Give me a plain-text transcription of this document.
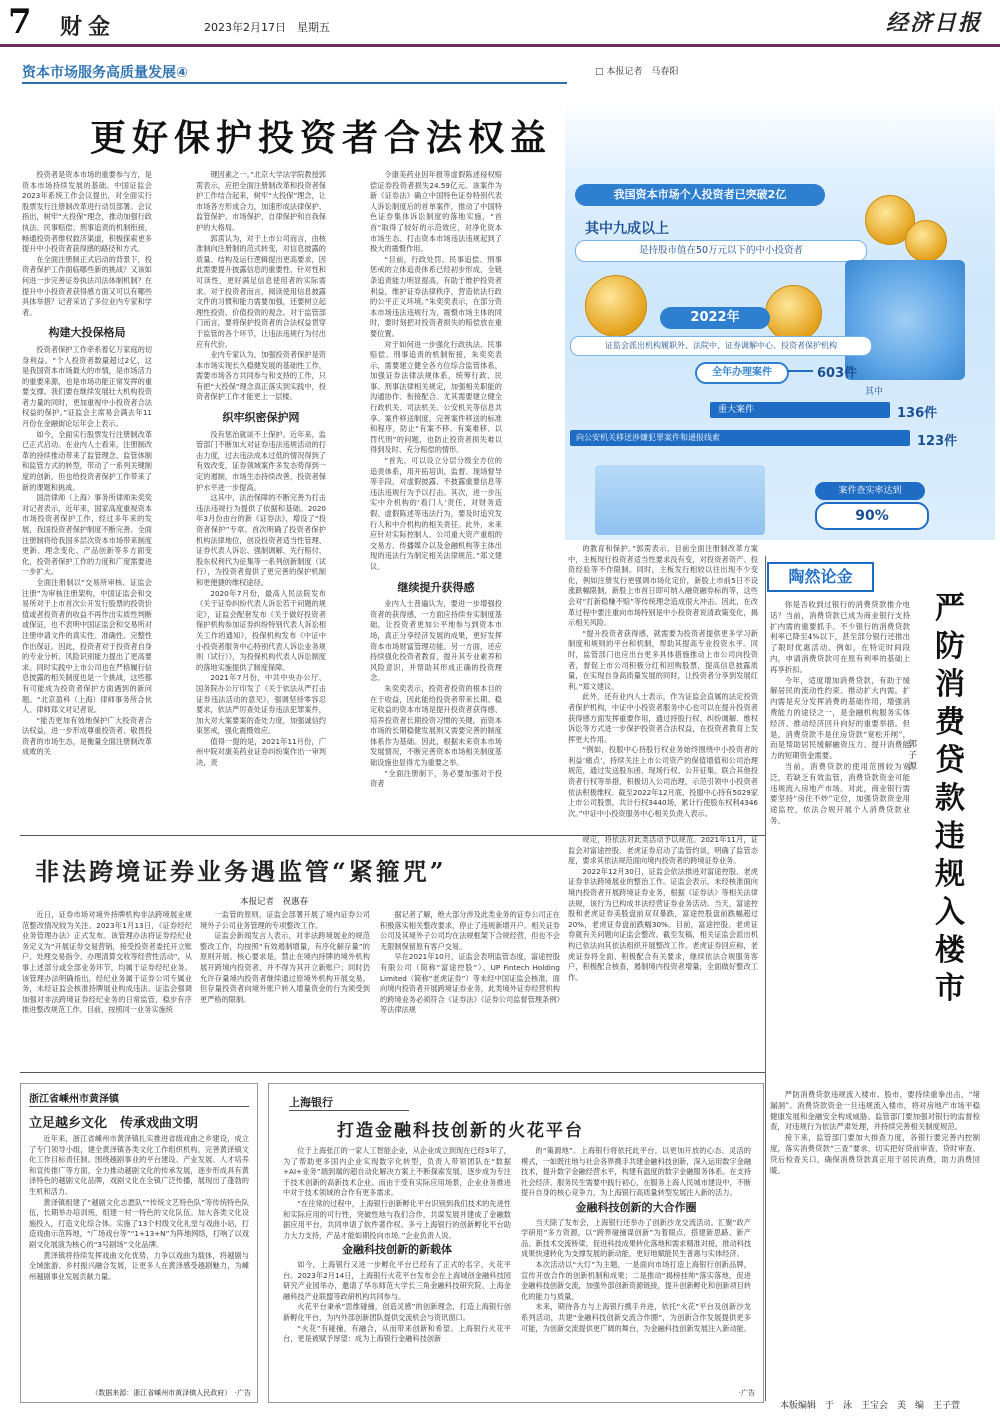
7 财金	2023年2月17日　星期五	经济日报
资本市场服务高质量发展④	□ 本报记者　马春阳
更好保护投资者合法权益
我国资本市场个人投资者已突破2亿
其中九成以上
是持股市值在50万元以下的中小投资者
2022年
证监会派出机构履职外、法院中、证券调解中心、投资者保护机构
全年办理案件	603件
其中
重大案件	136件
向公安机关移送涉嫌犯罪案件和通报线索	123件
案件查实率达到
90%

投资者是资本市场的重要参与方，是资本市场持续发展的基础。中国证监会2023年系统工作会议提出，对全面实行股票发行注册制改革进行动员部署。会议指出，树牢“大投保”理念，推动加强行政执法、民事赔偿、刑事追责的机制衔接，畅通投资者维权救济渠道，积极探索更多提升中小投资者获得感的路径和方式。

在全面注册制正式启动的背景下，投资者保护工作面临哪些新的挑战？又该如何进一步完善证券执法司法体制机制？在提升中小投资者获得感方面又可以有哪些具体举措？记者采访了多位业内专家和学者。

构建大投保格局

投资者保护工作牵系着亿万家庭的切身利益。“个人投资者数量超过2亿，这是我国资本市场最大的市情，是市场活力的重要来源，也是市场功能正常发挥的重要支撑。我们要在继续发展壮大机构投资者力量的同时，更加重视中小投资者合法权益的保护。”证监会主席易会满去年11月份在金融街论坛年会上表示。

如今，全面实行股票发行注册制改革已正式启动。在业内人士看来，注册制改革的持续推动带来了监管理念、监管体制和监管方式的转型，带动了一系列关键制度的创新，但也给投资者保护工作带来了新的课题和挑战。

国浩律师（上海）事务所律师朱奕奕对记者表示，近年来，国家高度重视资本市场投资者保护工作，经过多年来的发展，我国投资者保护制度不断完善。全面注册制将给我国多层次资本市场带来制度更新、理念变化、产品创新等多方面变化，投资者保护工作的力度和广度需要进一步扩大。

全面注册制以“交易所审核、证监会注册”为审核注册架构，中国证监会和交易所对于上市首次公开发行股票的投资价值或者投资者的收益不再作出实质性判断或保证，也不表明中国证监会和交易所对注册申请文件的真实性、准确性、完整性作出保证。因此，投资者对于投资者自身的专业分析、风险识别能力提出了更高要求。同时实践中上市公司也在严格履行信息披露的相关制度也是一个挑战，这些都有可能成为投资者保护方面遇到的新问题。“北京盈科（上海）律师事务所合伙人、律师郑文对记者说。

“能否更加有效地保护广大投资者合法权益，进一步形成尊重投资者、敬畏投资者的市场生态，是衡量全面注册制改革成败的关

键因素之一。”北京大学法学院教授郭雳表示，应把全面注册制改革和投资者保护工作结合起来，树牢“大投保”理念，让市场各方形成合力，加速形成法律保护、监管保护、市场保护、自律保护和自我保护的大格局。

郭雳认为，对于上市公司而言，由核准制向注册制的范式转变，对信息披露的质量、结构及运行逻辑提出更高要求，因此需要提升披露信息的重要性、针对性和可读性，更好满足信息使用者的实际需求。对于投资者而言，阅读使用信息披露文件的习惯和能力需要加强，还要树立起理性投资、价值投资的观念。对于监管部门而言，要将保护投资者的合法权益贯穿于监管的各个环节，让违法违规行为付出应有代价。

业内专家认为，加强投资者保护是资本市场实现长久稳健发展的基础性工作，需要市场各方共同参与和支持的工作，只有把“大投保”理念真正落实到实践中，投资者保护工作才能更上一层楼。

织牢织密保护网

没有惩治就谈不上保护。近年来，监管部门不断加大对证券违法违规活动的打击力度，过去违法成本过低的情况得到了有效改变，证券领域案件多发态势得到一定的遏制，市场生态持续改善，投资者保护水平进一步提高。

这其中，法治保障的不断完善为打击违法违规行为提供了依据和基础。2020年3月份由台的新《证券法》，增设了“投资者保护”专章。首次明确了投资者保护机构法律地位，创设投资者适当性管理、证券代表人诉讼、强制调解、先行赔付、股东权利代为征集等一系列创新制度（试行），为投资者提供了更完善的保护机制和更便捷的维权途径。

2020年7月份，最高人民法院发布《关于证券纠纷代表人诉讼若干问题的规定》，证监会配套发布《关于做好投资者保护机构参加证券纠纷特别代表人诉讼相关工作的通知》，投保机构发布《中证中小投资者服务中心特别代表人诉讼业务规则（试行）》，为投保机构代表人诉讼制度的落地实施提供了制度保障。

2021年7月份，中共中央办公厅、国务院办公厅印发了《关于依法从严打击证券违法活动的意见》，强调坚持零容忍要求，依法严厉查处证券违法犯罪案件，加大对大案要案的查处力度，加强诚信约束惩戒，强化震慑效应。

值得一提的是，2021年11月份，广州中院对康美药业证券纠纷案作出一审判决，责

令康美药业因年报等虚假陈述侵权赔偿证券投资者损失24.59亿元。该案作为新《证券法》确立中国特色证券特别代表人诉讼制度后的首单案件，推动了中国特色证券集体诉讼制度的落地实施，“首首”取得了较好的示范效应，对净化资本市场生态、打击资本市场违法违规起到了极大的震慑作用。

“目前，行政处罚、民事追偿、刑事惩戒的立体追责体系已经初步形成，全链条追责能力明显提高，有助于维护投资者利益，维护证券法律秩序，营造依法行政的公平正义环境。”朱奕奕表示，在部分资本市场违法违规行为，震慑市场主体的同时，要时刻把对投资者损失的赔偿放在重要位置。

对于如何进一步强化行政执法、民事赔偿、刑事追责的机制衔接，朱奕奕表示，需要建立健全各方位综合监管体系，加强证券法律法规体系，统筹行政、民事、刑事法律相关规定，加强相关职能的沟通协作、衔接配合。尤其需要建立健全行政机关、司法机关、公安机关等信息共享、案件移送制度，完善案件移送的标准和程序，防止“有案不移、有案难移、以罚代刑”的问题，也防止投资者损失难以得到及时、充分赔偿的情形。

“首先，可以设立分层分级全方位的追责体系，用开拓培训、监督、现场督导等手段，对虚假披露、不披露重要信息等违法违规行为予以打击。其次，进一步压实中介机构的‘看门人’责任，对财务造假、虚假陈述等违法行为，要及时追究发行人和中介机构的相关责任。此外，未来应针对实际控制人、公司重大资产重组的交易方、传播媒介以及金融机构等主体出现的违法行为制定相关法律规范。”郑文建议。

继续提升获得感

业内人士普遍认为，要进一步增强投资者的获得感，一方面应持续夯实制度基础，让投资者更加公平地参与到资本市场，真正分享经济发展的成果，更好发挥资本市场财富管理功能。另一方面，还应持续强化投资者教育，提升其专业素养和风险意识，并帮助其形成正确的投资理念。

朱奕奕表示，投资者投资的根本目的在于收益，因此能给投资者带来长期、稳定收益的资本市场是提升投资者获得感、培养投资者长期投资习惯的关键。而资本市场的长期稳健发展则又需要完善的制度体系作为基础。因此，根据未来资本市场发展情况，不断完善资本市场相关制度基础设施也显得尤为重要之举。

“全面注册制下，务必要加强对于投资者

的教育和保护。”郭雳表示，目前全面注册制改革方案中，主板现行投资者适当性要求没有变，对投资者资产、投资经验等不作限制。同时，主板发行相较以往出现不少变化，例如注册发行更强调市场化定价，新股上市前5日不设涨跌幅限制，新股上市首日即可纳入融资融券标的等，这些会对“打新稳赚不赔”等传统理念造成很大冲击。因此，在改革过程中要注重向市场特别是中小投资者说清政策变化，揭示相关风险。

“提升投资者获得感，就需要为投资者提供更多学习新制度和规则的平台和机制，帮助其提高专业投资水平。同时，监管部门也应出台更多具体措施推动上市公司向投资者，督促上市公司积极分红和回购股票，提高信息披露质量，在实现自身高质量发展的同时，让投资者分享到发展红利。”郑文建议。

此外，还有业内人士表示，作为证监会直属的法定投资者保护机构，中证中小投资者服务中心也可以在提升投资者获得感方面发挥重要作用，通过持股行权、纠纷调解、维权诉讼等方式进一步保护投资者合法权益，在投资者教育上发挥更大作用。

“例如，投服中心持股行权业务始终围绕中小投资者的利益‘痛点’，持续关注上市公司资产的保值增值和公司治理规范，通过发送股东函、现场行权、公开征集、联合其他投资者行权等举措，积极切入公司治理，示范引领中小投资者依法积极维权。截至2022年12月底，投服中心持有5029家上市公司股票，共计行权3440场，累计行使股东权利4346次。”中证中小投资服务中心相关负责人表示。

陶然论金
严防消费贷款违规入楼市
郭子源

你是否收到过银行的消费贷款推介电话？当前，消费贷款已成为商业银行支持扩内需的重要抓手。不少银行的消费贷款利率已降至4%以下，甚至部分银行还推出了限时优惠活动。例如，在特定时间段内，申请消费贷款可在原有利率的基础上再享折扣。

今年，适度增加消费贷款，有助于缓解居民的流动性约束、推动扩大内需。扩内需是充分发挥消费的基础作用，增强消费能力的途径之一，是金融机构服务实体经济、推动经济回升向好的重要举措。但是，消费贷款不是住房贷款“宽松开闸”，而是帮助居民缓解融资压力、提升消费能力的短期资金需要。

当前，消费贷款的使用范围较为宽泛，若缺乏有效监管，消费贷款资金可能违规流入房地产市场。对此，商业银行需要坚持“房住不炒”定位，加强贷款资金用途监控，依法合规开展个人消费贷款业务。

严防消费贷款违规流入楼市、股市，要持续重拳出击，“堵漏洞”。消费贷款资金一旦违规流入楼市，将对房地产市场平稳健康发展和金融安全构成威胁。监管部门要加强对银行的监督检查，对违规行为依法严肃处理，并持续完善相关制度规范。

接下来，监管部门要加大排查力度，各银行要完善内控制度，落实消费贷款“三查”要求，切实把好贷前审查、贷时审查、贷后检查关口，确保消费贷款真正用于居民消费，助力消费回暖。

非法跨境证券业务遇监管“紧箍咒”
本报记者　祝惠春

近日，证券市场对境外持牌机构非法跨境展业规范整改情况较为关注。2023年1月13日，《证券经纪业务管理办法》正式发布。该管理办法将证券经纪业务定义为“开展证券交易营销，接受投资者委托开立账户、处理交易指令、办理清算交收等经营性活动”，从事上述部分或全部业务环节，均属于证券经纪业务。该管理办法明确指出，经纪业务属于证券公司专属业务，未经证监会核准持牌展业构成违法。证监会强调加强对非法跨境证券经纪业务的日常监管，稳步有序推进整改规范工作。目前，按照同一业务实施统

一监管的原则，证监会部署开展了境内证券公司境外子公司业务管理的专项整改工作。

证监会新闻发言人表示，对非法跨境展业的规范整改工作，均按照“有效遏制增量，有序化解存量”的原则开展。核心要求是，禁止在境内持牌的境外机构展开跨境内投资者，并不得为其开立新账户；同时仍允许存量境内投资者继续通过原境外机构开展交易，但存量投资者向境外账户转入增量资金的行为须受到更严格的限制。

据记者了解，绝大部分涉及此类业务的证券公司正在积极落实相关整改要求，停止了违规新增开户。相关证券公司及其境外子公司均在法规框架下合规经营，但也不会无限制保留原有客户交易。

早在2021年10月，证监会表明监管态度，富途控股有限公司（简称“富途控股”）、UP Fintech Holding Limited（简称“老虎证券”）等未经中国证监会核准，面向境内投资者开展跨境证券业务，此类境外证券经营机构的跨境业务必须符合《证券法》《证券公司监督管理条例》等法律法规

规定，将依法对此类活动予以规范。2021年11月，证监会对富途控股、老虎证券启动了监管约谈，明确了监管态度，要求其依法规范面向境内投资者的跨境证券业务。

2022年12月30日，证监会依法推进对富途控股、老虎证券非法跨境展业的整治工作。证监会表示，未经核准面向境内投资者开展跨境证券业务，根据《证券法》等相关法律法规，该行为已构成非法经营证券业务活动。当天，富途控股和老虎证券美股盘前双双暴跌，富途控股盘前跌幅超过20%，老虎证券盘前跌幅30%。目前，富途控股、老虎证券就有关问题向证监会整改。截至发稿，相关证监会派出机构已依法向其依法组织开展整改工作。老虎证券回应称，老虎证券将全面、积极配合有关要求，继续依法合规服务客户，积极配合核查，遏制境内投资者增量，全面做好整改工作。

浙江省嵊州市黄泽镇
立足越乡文化　传承戏曲文明

近年来，浙江省嵊州市黄泽镇扎实推进省级戏曲之乡建设，成立了专门领导小组，建全黄泽镇各类文化工作组织机构，完善黄泽镇文化工作目标责任制。围绕越剧事业的平台建设、产业发展、人才培养和宣传推广等方面，全力推动越剧文化的传承发展，逐步形成具有黄泽特色的越剧文化品牌，戏剧文化在全镇广泛传播，展现出了蓬勃的生机和活力。

黄泽镇组建了“越剧文化志愿队”“传统文艺特色队”等传统特色队伍，长期举办培训班，组建一村一特色的文化队伍。加大各类文化设施投入，打造文化综合体。实施了13个村级文化礼堂与戏曲小站，打造戏曲示范阵地，“广场戏台等”“1+13+N”为阵地网络，打响了以戏剧文化展演为核心的“3号剧场”文化品牌。

黄泽镇将持续发挥戏曲文化优势，力争以戏曲为载体，将越剧与全域旅游、乡村振兴融合发展，让更多人在黄泽感受越剧魅力，为嵊州越剧事业发展贡献力量。

（数据来源：浙江省嵊州市黄泽镇人民政府）　·广告
上海银行
打造金融科技创新的火花平台

位于上海张江的一家人工智能企业，从企业成立到现在已经3年了，为了帮助更多国内企业实现数字化转型，负责人带领团队在“数据+AI+业务”端到端的超自动化解决方案上不断探索发展，逐步成为专注于技术创新的高新技术企业。而由于受有实际应用场景，企业业务推进中对于技术领域的合作有更多需求。

“在往常的过程中，上海银行创新孵化平台识别到我们技术的先进性和实际应用的可行性，突破性地与我们合作，共谋发展并建成了金融数据应用平台，共同申请了软件著作权。多亏上海银行的创新孵化平台助力大力支持，产品才能如期投向市场。”企业负责人说。

金融科技创新的新载体

如今，上海银行又进一步孵化平台已经有了正式的名字，火花平台。2023年2月14日，上海银行火花平台发布会在上海城创金融科技园研究产业园举办，邀请了华东师范大学长三角金融科技研究院、上海金融科技产业联盟等政研机构共同参与。

火花平台秉承“思维碰撞，创造灵感”的创新理念，打造上海银行创新孵化平台，为内外部创新团队提供交流机会与资讯窗口。

“火花”有碰撞，有融合，从而带来创新和希望。上海银行火花平台，更是被赋予厚望：成为上海银行金融科技创新

的“策源地”。上海银行将依托此平台，以更加开放的心态、灵活的模式，一如既往地与社会各界携手共建金融科技创新，深入运用数字金融技术，提升数字金融经营水平，构建有温度的数字金融服务体系。在支持社会经济、服务民生需要中践行初心，在服务上海人民城市建设中，不断提升自身的核心竞争力，为上海银行高质量转型发展注入新的活力。

金融科技创新的大合作圈

当天除了发布会，上海银行还举办了创新沙龙交流活动。汇聚“政产学研用”多方资源，以“跨界碰撞谋创新”为着眼点，搭建新思路、新产品、新技术交流桥梁，促进科技成果转化落地和需求精准对接，推动科技成果快速转化为支撑发展的新动能，更好地赋能民生普惠与实体经济。

本次活动以“大灯”为主题，一是面向市场打造上海银行创新品牌，宣传开放合作的创新机制和成果；二是推动“揭榜挂帅”落实落地，促进金融科技创新交流，加强外部创新资源链接，提升创新孵化和创新项目转化的能力与质量。

未来，期待各方与上海银行携手并进，依托“火花”平台及创新沙龙系列活动，共建“金融科技创新交流合作圈”，为创新合作发展提供更多可能，为创新交流提供更广阔的舞台，为金融科技创新发展注入新动能。

·广告
本版编辑　于　泳　王宝会　美　编　王子萱
